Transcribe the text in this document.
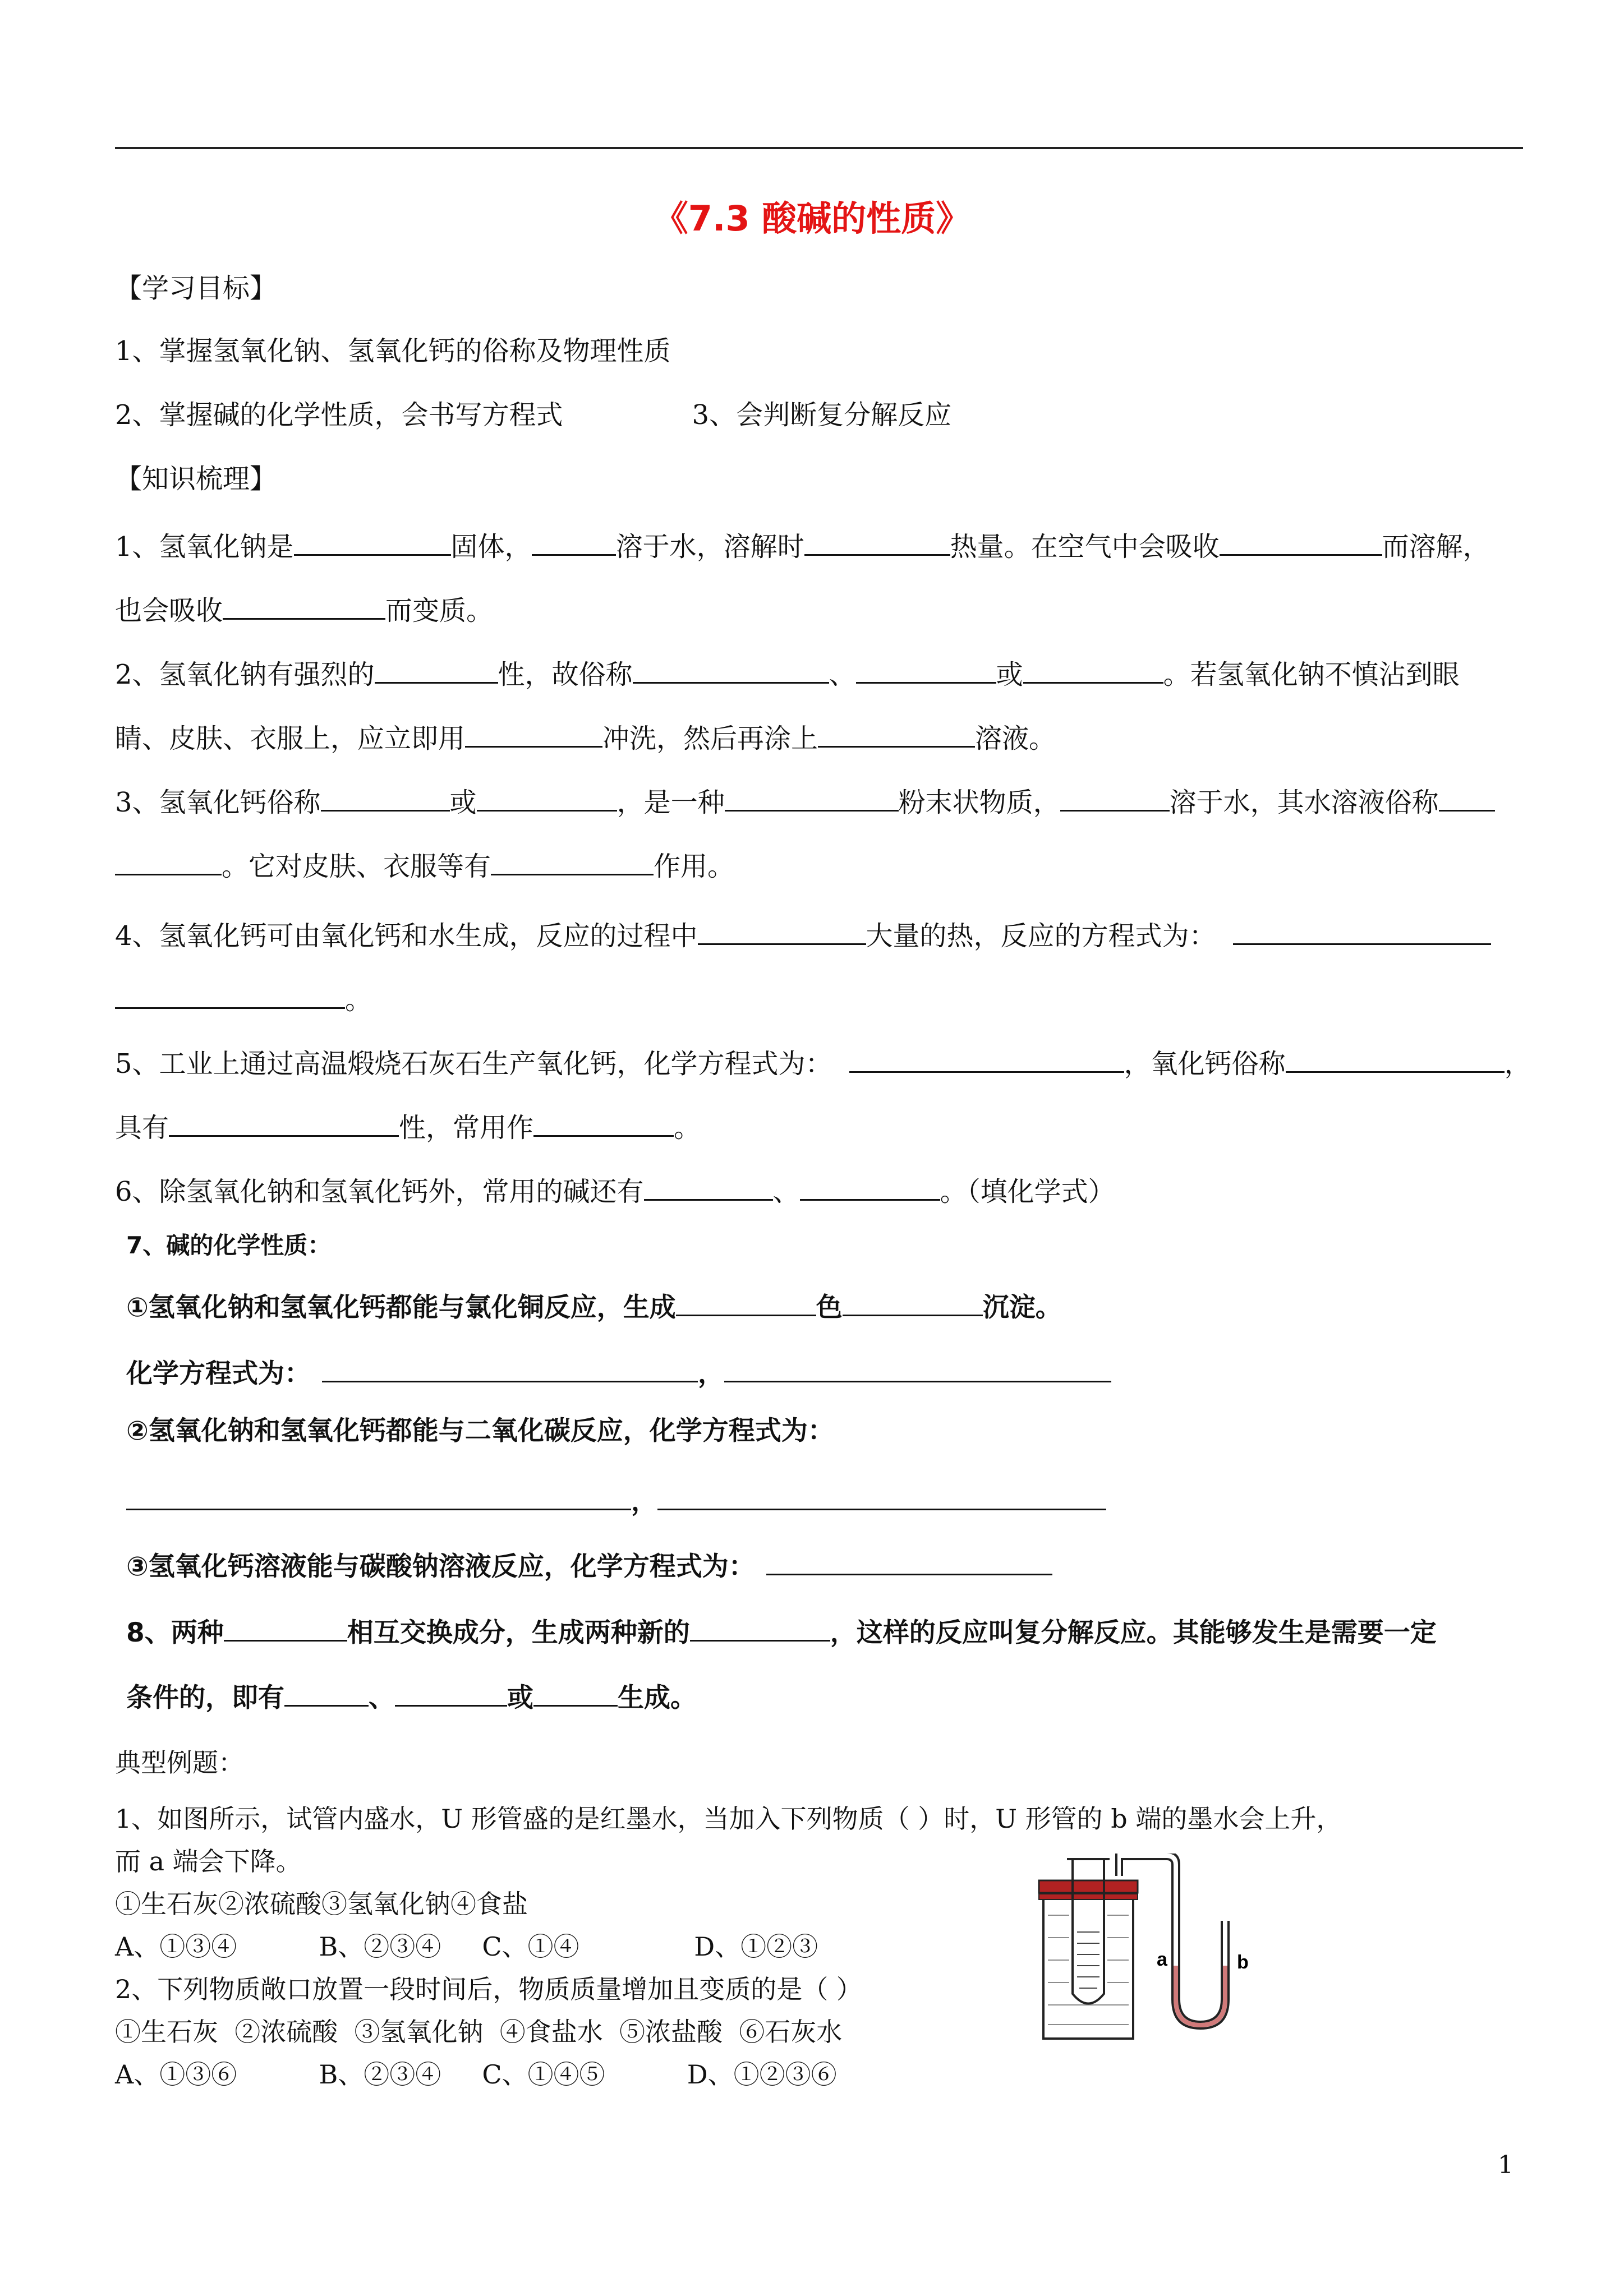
《7.3 酸碱的性质》
【学习目标】
1、掌握氢氧化钠、氢氧化钙的俗称及物理性质
2、掌握碱的化学性质，会书写方程式	3、会判断复分解反应
【知识梳理】
1、氢氧化钠是	固体，	溶于水，溶解时	热量。在空气中会吸收	而溶解，
也会吸收	而变质。
2、氢氧化钠有强烈的	性，故俗称	、	或	。若氢氧化钠不慎沾到眼
睛、皮肤、衣服上，应立即用	冲洗，然后再涂上	溶液。
3、氢氧化钙俗称	或	，是一种	粉末状物质，	溶于水，其水溶液俗称
。它对皮肤、衣服等有	作用。
4、氢氧化钙可由氧化钙和水生成，反应的过程中	大量的热，反应的方程式为：
。
5、工业上通过高温煅烧石灰石生产氧化钙，化学方程式为：	，氧化钙俗称	，
具有	性，常用作	。
6、除氢氧化钠和氢氧化钙外，常用的碱还有	、	。（填化学式）
7、碱的化学性质：
①氢氧化钠和氢氧化钙都能与氯化铜反应，生成	色	沉淀。
化学方程式为：	，
②氢氧化钠和氢氧化钙都能与二氧化碳反应，化学方程式为：
，
③氢氧化钙溶液能与碳酸钠溶液反应，化学方程式为：
8、两种	相互交换成分，生成两种新的	，这样的反应叫复分解反应。其能够发生是需要一定
条件的，即有	、	或	生成。
典型例题：
1、如图所示，试管内盛水，U 形管盛的是红墨水，当加入下列物质（ ）时，U 形管的 b 端的墨水会上升，
而 a 端会下降。
①生石灰②浓硫酸③氢氧化钠④食盐
A、①③④          B、②③④     C、①④              D、①②③
2、下列物质敞口放置一段时间后，物质质量增加且变质的是（ ）
①生石灰  ②浓硫酸  ③氢氧化钠  ④食盐水  ⑤浓盐酸  ⑥石灰水
A、①③⑥          B、②③④     C、①④⑤          D、①②③⑥
a	b
1
